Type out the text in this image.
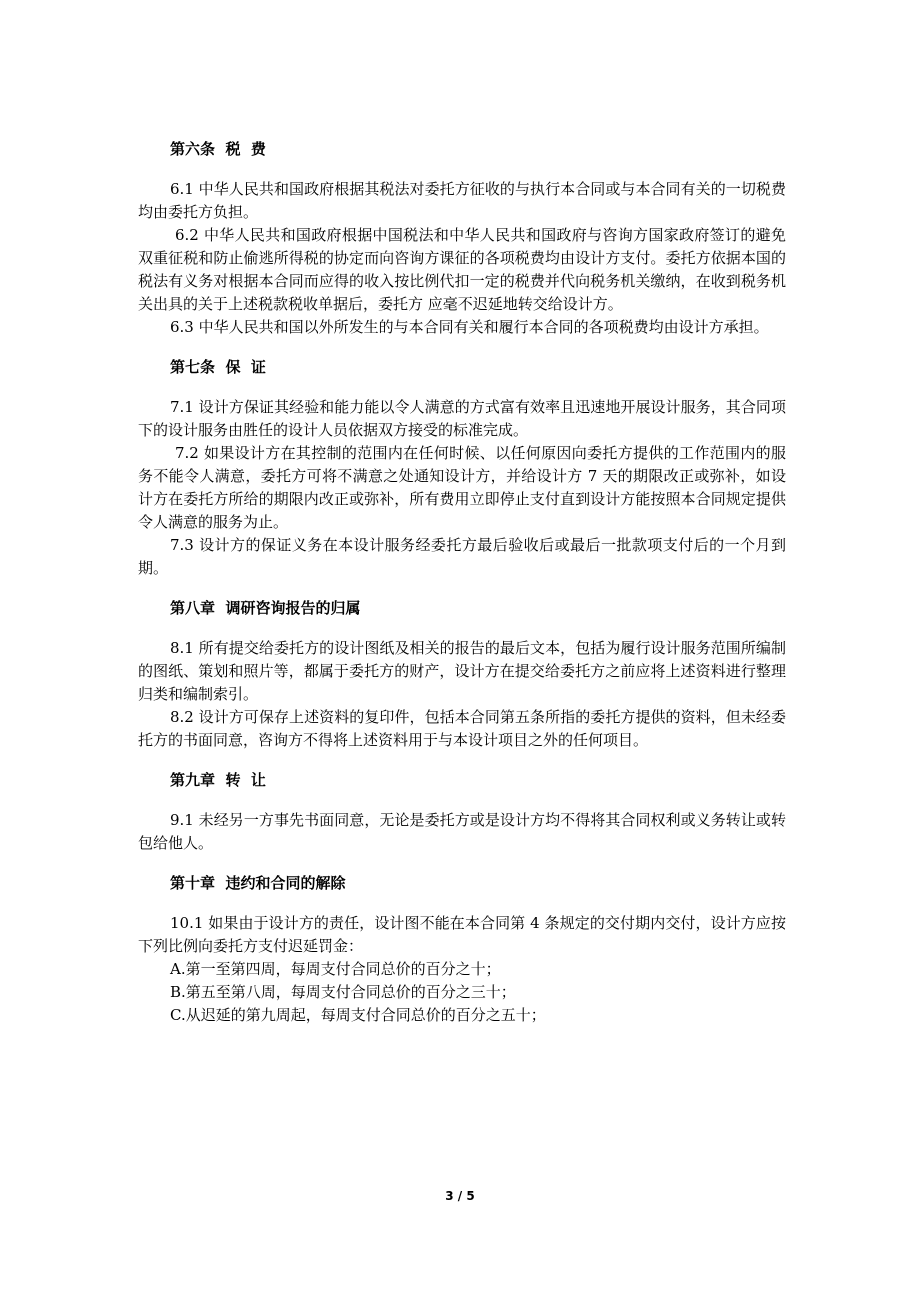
第六条  税  费

6.1 中华人民共和国政府根据其税法对委托方征收的与执行本合同或与本合同有关的一切税费均由委托方负担。

6.2 中华人民共和国政府根据中国税法和中华人民共和国政府与咨询方国家政府签订的避免双重征税和防止偷逃所得税的协定而向咨询方课征的各项税费均由设计方支付。委托方依据本国的税法有义务对根据本合同而应得的收入按比例代扣一定的税费并代向税务机关缴纳，在收到税务机关出具的关于上述税款税收单据后，委托方 应毫不迟延地转交给设计方。

6.3 中华人民共和国以外所发生的与本合同有关和履行本合同的各项税费均由设计方承担。

第七条  保  证

7.1 设计方保证其经验和能力能以令人满意的方式富有效率且迅速地开展设计服务，其合同项下的设计服务由胜任的设计人员依据双方接受的标准完成。

7.2 如果设计方在其控制的范围内在任何时候、以任何原因向委托方提供的工作范围内的服务不能令人满意，委托方可将不满意之处通知设计方，并给设计方 7 天的期限改正或弥补，如设计方在委托方所给的期限内改正或弥补，所有费用立即停止支付直到设计方能按照本合同规定提供令人满意的服务为止。

7.3 设计方的保证义务在本设计服务经委托方最后验收后或最后一批款项支付后的一个月到期。

第八章  调研咨询报告的归属

8.1 所有提交给委托方的设计图纸及相关的报告的最后文本，包括为履行设计服务范围所编制的图纸、策划和照片等，都属于委托方的财产，设计方在提交给委托方之前应将上述资料进行整理归类和编制索引。

8.2 设计方可保存上述资料的复印件，包括本合同第五条所指的委托方提供的资料，但未经委托方的书面同意，咨询方不得将上述资料用于与本设计项目之外的任何项目。

第九章  转  让

9.1 未经另一方事先书面同意，无论是委托方或是设计方均不得将其合同权利或义务转让或转包给他人。

第十章  违约和合同的解除

10.1 如果由于设计方的责任，设计图不能在本合同第 4 条规定的交付期内交付，设计方应按下列比例向委托方支付迟延罚金：

A.第一至第四周，每周支付合同总价的百分之十；
B.第五至第八周，每周支付合同总价的百分之三十；
C.从迟延的第九周起，每周支付合同总价的百分之五十；
3 / 5
